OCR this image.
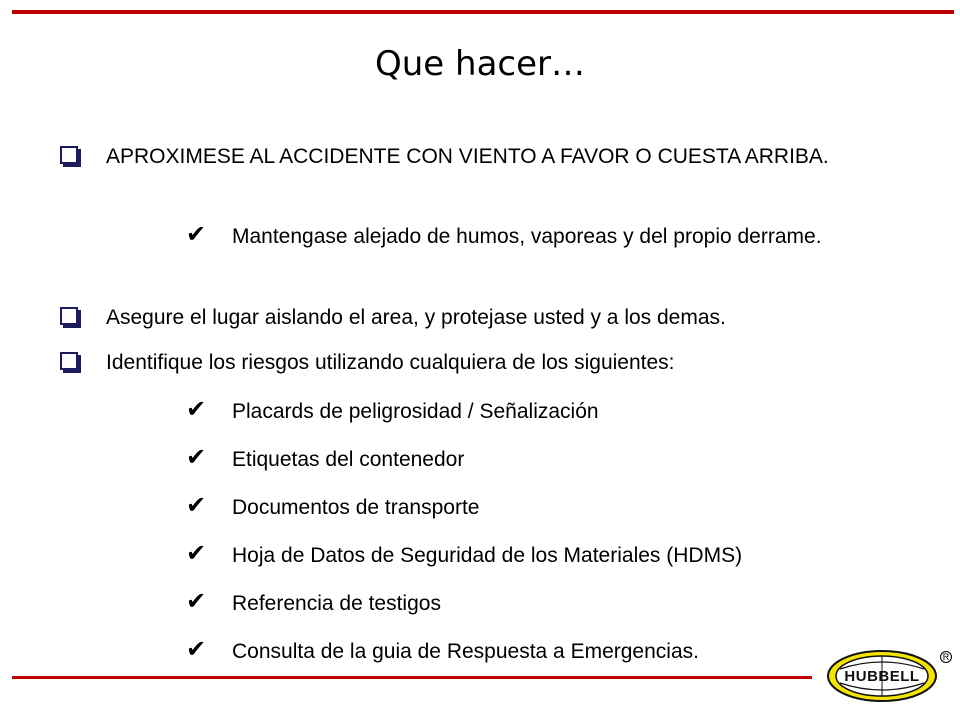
Que hacer…
APROXIMESE AL ACCIDENTE CON VIENTO A FAVOR O CUESTA ARRIBA.
✔ Mantengase alejado de humos, vaporeas y del propio derrame.
Asegure el lugar aislando el area, y protejase usted y a los demas.
Identifique los riesgos utilizando cualquiera de los siguientes:
✔ Placards de peligrosidad / Señalización
✔ Etiquetas del contenedor
✔ Documentos de transporte
✔ Hoja de Datos de Seguridad de los Materiales (HDMS)
✔ Referencia de testigos
✔ Consulta de la guia de Respuesta a Emergencias.
HUBBELL
R
